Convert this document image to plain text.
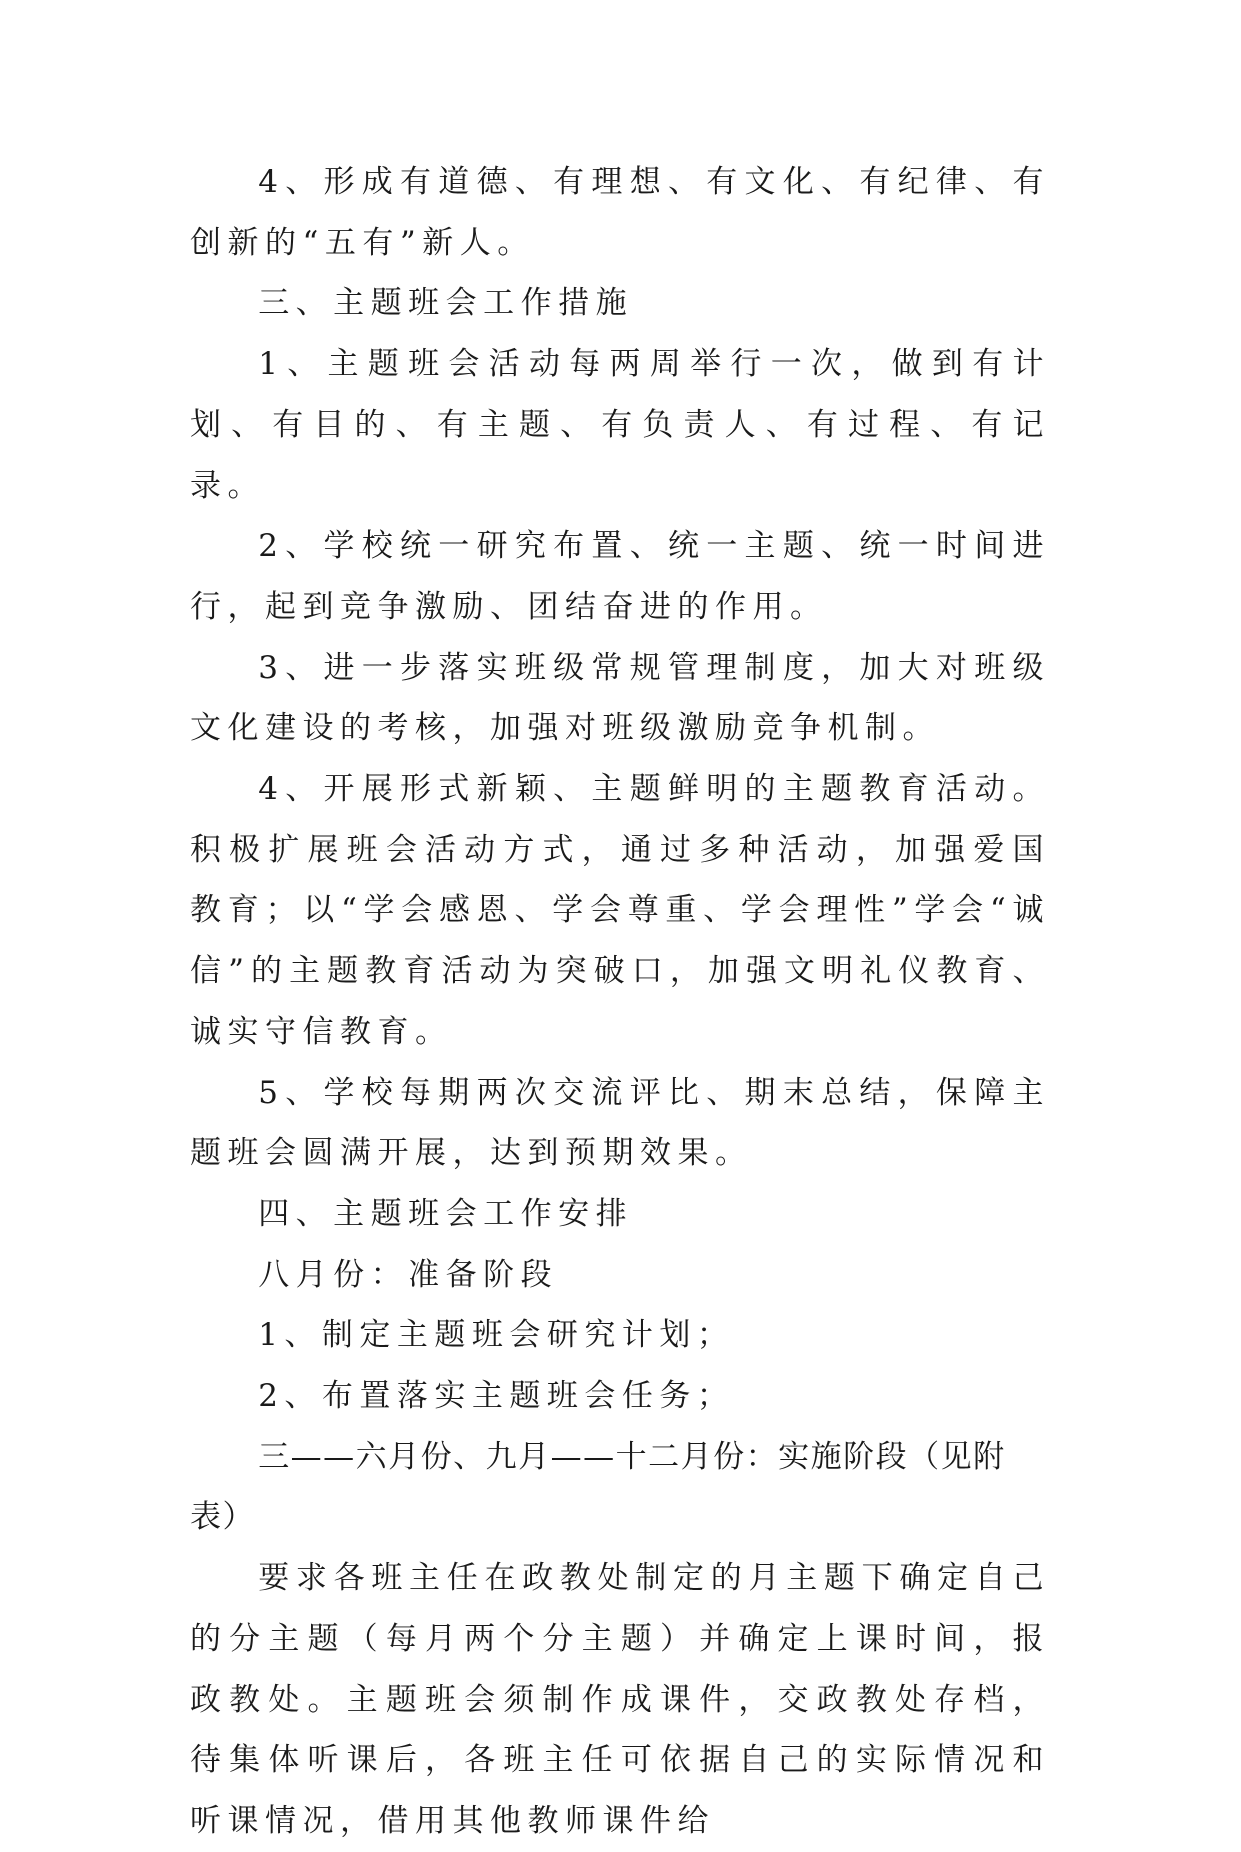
4、形成有道德、有理想、有文化、有纪律、有创新的“五有”新人。

三、主题班会工作措施

1、主题班会活动每两周举行一次，做到有计划、有目的、有主题、有负责人、有过程、有记录。

2、学校统一研究布置、统一主题、统一时间进行，起到竞争激励、团结奋进的作用。

3、进一步落实班级常规管理制度，加大对班级文化建设的考核，加强对班级激励竞争机制。

4、开展形式新颖、主题鲜明的主题教育活动。积极扩展班会活动方式，通过多种活动，加强爱国教育；以“学会感恩、学会尊重、学会理性”学会“诚信”的主题教育活动为突破口，加强文明礼仪教育、诚实守信教育。

5、学校每期两次交流评比、期末总结，保障主题班会圆满开展，达到预期效果。

四、主题班会工作安排

八月份：准备阶段

1、制定主题班会研究计划；

2、布置落实主题班会任务；

三——六月份、九月——十二月份：实施阶段（见附表）

要求各班主任在政教处制定的月主题下确定自己的分主题（每月两个分主题）并确定上课时间，报政教处。主题班会须制作成课件，交政教处存档，待集体听课后，各班主任可依据自己的实际情况和听课情况，借用其他教师课件给
